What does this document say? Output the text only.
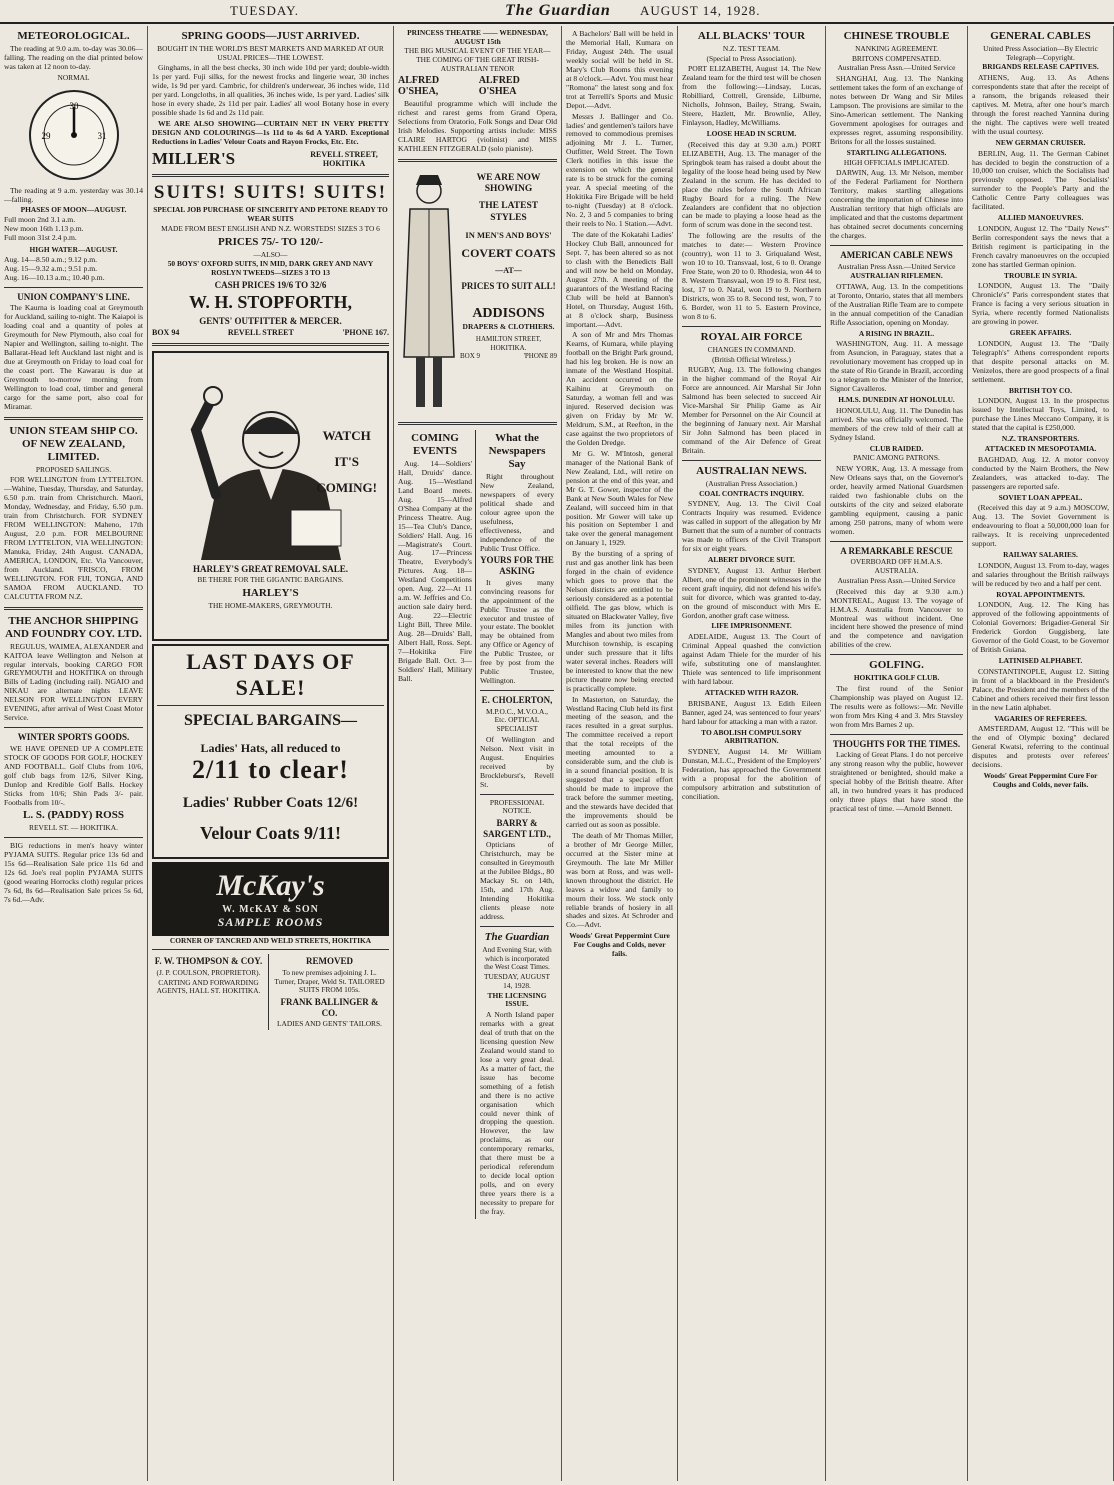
TUESDAY.	The Guardian AUGUST 14, 1928.
METEOROLOGICAL.

The reading at 9.0 a.m. to-day was 30.06—falling. The reading on the dial printed below was taken at 12 noon to-day.

NORMAL
30
29	31

The reading at 9 a.m. yesterday was 30.14—falling.

PHASES OF MOON—AUGUST.
Full moon 2nd 3.1 a.m.
New moon 16th 1.13 p.m.
Full moon 31st 2.4 p.m.
HIGH WATER—AUGUST.
Aug. 14—8.50 a.m.; 9.12 p.m.
Aug. 15—9.32 a.m.; 9.51 p.m.
Aug. 16—10.13 a.m.; 10.40 p.m.
UNION COMPANY'S LINE.

The Kaurna is loading coal at Greymouth for Auckland, sailing to-night. The Kaiapoi is loading coal and a quantity of poles at Greymouth for New Plymouth, also coal for Napier and Wellington, sailing to-night. The Ballarat-Head left Auckland last night and is due at Greymouth on Friday to load coal for the coast port. The Kawarau is due at Greymouth to-morrow morning from Wellington to load coal, timber and general cargo for the same port, also coal for Miramar.

UNION STEAM SHIP CO. OF NEW ZEALAND, LIMITED.
PROPOSED SAILINGS.

FOR WELLINGTON from LYTTELTON.—Wahine, Tuesday, Thursday, and Saturday, 6.50 p.m. train from Christchurch. Maori, Monday, Wednesday, and Friday, 6.50 p.m. train from Christchurch. FOR SYDNEY FROM WELLINGTON: Maheno, 17th August, 2.0 p.m. FOR MELBOURNE FROM LYTTELTON, VIA WELLINGTON: Manuka, Friday, 24th August. CANADA, AMERICA, LONDON, Etc. Via Vancouver, from Auckland. 'FRISCO, FROM WELLINGTON. FOR FIJI, TONGA, AND SAMOA FROM AUCKLAND. TO CALCUTTA FROM N.Z.

THE ANCHOR SHIPPING AND FOUNDRY COY. LTD.

REGULUS, WAIMEA, ALEXANDER and KAITOA leave Wellington and Nelson at regular intervals, booking CARGO FOR GREYMOUTH and HOKITIKA on through Bills of Lading (including rail). NGAIO and NIKAU are alternate nights LEAVE NELSON FOR WELLINGTON EVERY EVENING, after arrival of West Coast Motor Service.

WINTER SPORTS GOODS.

WE HAVE OPENED UP A COMPLETE STOCK OF GOODS FOR GOLF, HOCKEY AND FOOTBALL. Golf Clubs from 10/6, golf club bags from 12/6, Silver King, Dunlop and Kredible Golf Balls. Hockey Sticks from 10/6; Shin Pads 3/- pair. Footballs from 10/-.

L. S. (PADDY) ROSS
REVELL ST. — HOKITIKA.

BIG reductions in men's heavy winter PYJAMA SUITS. Regular price 13s 6d and 15s 6d—Realisation Sale price 11s 6d and 12s 6d. Joe's real poplin PYJAMA SUITS (good wearing Horrocks cloth) regular prices 7s 6d, 8s 6d—Realisation Sale prices 5s 6d, 7s 6d.—Adv.

SPRING GOODS—JUST ARRIVED.
BOUGHT IN THE WORLD'S BEST MARKETS AND MARKED AT OUR USUAL PRICES—THE LOWEST.

Ginghams, in all the best checks, 30 inch wide 10d per yard; double-width 1s per yard. Fuji silks, for the newest frocks and lingerie wear, 30 inches wide, 1s 9d per yard. Cambric, for children's underwear, 36 inches wide, 11d per yard. Longcloths, in all qualities, 36 inches wide, 1s per yard. Ladies' silk hose in every shade, 2s 11d per pair. Ladies' all wool Botany hose in every possible shade 1s 6d and 2s 11d pair.

WE ARE ALSO SHOWING—CURTAIN NET IN VERY PRETTY DESIGN AND COLOURINGS—1s 11d to 4s 6d A YARD. Exceptional Reductions in Ladies' Velour Coats and Rayon Frocks, Etc. Etc.

MILLER'S	REVELL STREET, HOKITIKA
SUITS! SUITS! SUITS!
SPECIAL JOB PURCHASE OF SINCERITY AND PETONE READY TO WEAR SUITS
MADE FROM BEST ENGLISH AND N.Z. WORSTEDS! SIZES 3 TO 6
PRICES 75/- TO 120/-
—ALSO—
50 BOYS' OXFORD SUITS, IN MID, DARK GREY AND NAVY ROSLYN TWEEDS—SIZES 3 TO 13
CASH PRICES 19/6 TO 32/6
W. H. STOPFORTH,
GENTS' OUTFITTER & MERCER.
BOX 94	REVELL STREET	'PHONE 167.
WATCH
IT'S
COMING!
HARLEY'S GREAT REMOVAL SALE.
BE THERE FOR THE GIGANTIC BARGAINS.
HARLEY'S
THE HOME-MAKERS, GREYMOUTH.
LAST DAYS OF SALE!
SPECIAL BARGAINS—
Ladies' Hats, all reduced to
2/11 to clear!
Ladies' Rubber Coats 12/6!
Velour Coats 9/11!
McKay's
W. McKAY & SON
SAMPLE ROOMS
CORNER OF TANCRED AND WELD STREETS, HOKITIKA
F. W. THOMPSON & COY.
(J. P. COULSON, PROPRIETOR).
CARTING AND FORWARDING AGENTS, HALL ST. HOKITIKA.
REMOVED
To new premises adjoining J. L. Turner, Draper, Weld St. TAILORED SUITS FROM 105s.
FRANK BALLINGER & CO.
LADIES AND GENTS' TAILORS.
PRINCESS THEATRE —— WEDNESDAY, AUGUST 15th
THE BIG MUSICAL EVENT OF THE YEAR—THE COMING OF THE GREAT IRISH-AUSTRALIAN TENOR
ALFRED O'SHEA,
ALFRED O'SHEA

Beautiful programme which will include the richest and rarest gems from Grand Opera, Selections from Oratorio, Folk Songs and Dear Old Irish Melodies. Supporting artists include: MISS CLAIRE HARTOG (violinist) and MISS KATHLEEN FITZGERALD (solo pianiste).

WE ARE NOW SHOWING
THE LATEST STYLES
IN MEN'S AND BOYS'
COVERT COATS
—AT—
PRICES TO SUIT ALL!
ADDISONS
DRAPERS & CLOTHIERS.
HAMILTON STREET, HOKITIKA.
BOX 9	'PHONE 89
COMING EVENTS

Aug. 14—Soldiers' Hall, Druids' dance. Aug. 15—Westland Land Board meets. Aug. 15—Alfred O'Shea Company at the Princess Theatre. Aug. 15—Tea Club's Dance, Soldiers' Hall. Aug. 16—Magistrate's Court. Aug. 17—Princess Theatre, Everybody's Pictures. Aug. 18—Westland Competitions open. Aug. 22—At 11 a.m. W. Jeffries and Co. auction sale dairy herd. Aug. 22—Electric Light Bill, Three Mile. Aug. 28—Druids' Ball, Albert Hall, Ross. Sept. 7—Hokitika Fire Brigade Ball. Oct. 3—Soldiers' Hall, Military Ball.

What the Newspapers Say

Right throughout New Zealand, newspapers of every political shade and colour agree upon the usefulness, effectiveness, and independence of the Public Trust Office.

YOURS FOR THE ASKING

It gives many convincing reasons for the appointment of the Public Trustee as the executor and trustee of your estate. The booklet may be obtained from any Office or Agency of the Public Trustee, or free by post from the Public Trustee, Wellington.

E. CHOLERTON,
M.P.O.C., M.V.O.A., Etc. OPTICAL SPECIALIST

Of Wellington and Nelson. Next visit in August. Enquiries received by Brockleburst's, Revell St.

PROFESSIONAL NOTICE.
BARRY & SARGENT LTD.,

Opticians of Christchurch, may be consulted in Greymouth at the Jubilee Bldgs., 80 Mackay St. on 14th, 15th, and 17th Aug. Intending Hokitika clients please note address.

The Guardian
And Evening Star, with which is incorporated the West Coast Times.
TUESDAY, AUGUST 14, 1928.
THE LICENSING ISSUE.

A North Island paper remarks with a great deal of truth that on the licensing question New Zealand would stand to lose a very great deal. As a matter of fact, the issue has become something of a fetish and there is no active organisation which could never think of dropping the question. However, the law proclaims, as our contemporary remarks, that there must be a periodical referendum to decide local option polls, and on every three years there is a necessity to prepare for the fray.

A Bachelors' Ball will be held in the Memorial Hall, Kumara on Friday, August 24th. The usual weekly social will be held in St. Mary's Club Rooms this evening at 8 o'clock.—Advt. You must hear "Romona" the latest song and fox trot at Terrelli's Sports and Music Depot.—Advt.

Messrs J. Ballinger and Co. ladies' and gentlemen's tailors have removed to commodious premises adjoining Mr J. L. Turner, Outfitter, Weld Street. The Town Clerk notifies in this issue the extension on which the general rate is to be struck for the coming year. A special meeting of the Hokitika Fire Brigade will be held to-night (Tuesday) at 8 o'clock. No. 2, 3 and 5 companies to bring their reels to No. 1 Station.—Advt.

The date of the Kokatahi Ladies' Hockey Club Ball, announced for Sept. 7, has been altered so as not to clash with the Benedicts Ball and will now be held on Monday, August 27th. A meeting of the guarantors of the Westland Racing Club will be held at Bannon's Hotel, on Thursday, August 16th, at 8 o'clock sharp, Business important.—Advt.

A son of Mr and Mrs Thomas Kearns, of Kumara, while playing football on the Bright Park ground, had his leg broken. He is now an inmate of the Westland Hospital. An accident occurred on the Kaihinu at Greymouth on Saturday, a woman fell and was injured. Reserved decision was given on Friday by Mr W. Meldrum, S.M., at Reefton, in the case against the two proprietors of the Golden Dredge.

Mr G. W. M'Intosh, general manager of the National Bank of New Zealand, Ltd., will retire on pension at the end of this year, and Mr G. T. Gower, inspector of the Bank at New South Wales for New Zealand, will succeed him in that position. Mr Gower will take up his position on September 1 and take over the general management on January 1, 1929.

By the bursting of a spring of rust and gas another link has been forged in the chain of evidence which goes to prove that the Nelson districts are entitled to be seriously considered as a potential oilfield. The gas blow, which is situated on Blackwater Valley, five miles from its junction with Mangles and about two miles from Murchison township, is escaping under such pressure that it lifts water several inches. Readers will be interested to know that the new picture theatre now being erected is practically complete.

In Masterton, on Saturday, the Westland Racing Club held its first meeting of the season, and the races resulted in a great surplus. The committee received a report that the total receipts of the meeting amounted to a considerable sum, and the club is in a sound financial position. It is suggested that a special effort should be made to improve the track before the summer meeting, and the stewards have decided that the improvements should be carried out as soon as possible.

The death of Mr Thomas Miller, a brother of Mr George Miller, occurred at the Sister mine at Greymouth. The late Mr Miller was born at Ross, and was well-known throughout the district. He leaves a widow and family to mourn their loss. We stock only reliable brands of hosiery in all shades and sizes. At Schroder and Co.—Advt.

Woods' Great Peppermint Cure For Coughs and Colds, never fails.
ALL BLACKS' TOUR
N.Z. TEST TEAM.
(Special to Press Association).

PORT ELIZABETH, August 14. The New Zealand team for the third test will be chosen from the following:—Lindsay, Lucas, Robilliard, Cottrell, Grenside, Lilburne, Nicholls, Johnson, Bailey, Strang, Swain, Steere, Hazlett, Mr. Brownlie, Alley, Finlayson, Hadley, McWilliams.

LOOSE HEAD IN SCRUM.

(Received this day at 9.30 a.m.) PORT ELIZABETH, Aug. 13. The manager of the Springbok team has raised a doubt about the legality of the loose head being used by New Zealand in the scrum. He has decided to place the rules before the South African Rugby Board for a ruling. The New Zealanders are confident that no objection can be made to playing a loose head as the form of scrum was done in the second test.

The following are the results of the matches to date:— Western Province (country), won 11 to 3. Griqualand West, won 10 to 10. Transvaal, lost, 6 to 0. Orange Free State, won 20 to 0. Rhodesia, won 44 to 8. Western Transvaal, won 19 to 8. First test, lost, 17 to 0. Natal, won 19 to 9. Northern Districts, won 35 to 8. Second test, won, 7 to 6. Border, won 11 to 5. Eastern Province, won 8 to 6.

ROYAL AIR FORCE
CHANGES IN COMMAND.
(British Official Wireless.)

RUGBY, Aug. 13. The following changes in the higher command of the Royal Air Force are announced. Air Marshal Sir John Salmond has been selected to succeed Air Vice-Marshal Sir Philip Game as Air Member for Personnel on the Air Council at the beginning of January next. Air Marshal Sir John Salmond has been placed in command of the Air Defence of Great Britain.

AUSTRALIAN NEWS.
(Australian Press Association.)
COAL CONTRACTS INQUIRY.

SYDNEY, Aug. 13. The Civil Coal Contracts Inquiry was resumed. Evidence was called in support of the allegation by Mr Burnett that the sum of a number of contracts was made to officers of the Civil Transport for six or eight years.

ALBERT DIVORCE SUIT.

SYDNEY, August 13. Arthur Herbert Albert, one of the prominent witnesses in the recent graft inquiry, did not defend his wife's suit for divorce, which was granted to-day, on the ground of misconduct with Mrs E. Gordon, another graft case witness.

LIFE IMPRISONMENT.

ADELAIDE, August 13. The Court of Criminal Appeal quashed the conviction against Adam Thiele for the murder of his wife, substituting one of manslaughter. Thiele was sentenced to life imprisonment with hard labour.

ATTACKED WITH RAZOR.

BRISBANE, August 13. Edith Eileen Banner, aged 24, was sentenced to four years' hard labour for attacking a man with a razor.

TO ABOLISH COMPULSORY ARBITRATION.

SYDNEY, August 14. Mr William Dunstan, M.L.C., President of the Employers' Federation, has approached the Government with a proposal for the abolition of compulsory arbitration and substitution of conciliation.

CHINESE TROUBLE
NANKING AGREEMENT.
BRITONS COMPENSATED.
Australian Press Assn.—United Service

SHANGHAI, Aug. 13. The Nanking settlement takes the form of an exchange of notes between Dr Wang and Sir Miles Lampson. The provisions are similar to the Sino-American settlement. The Nanking Government apologises for outrages and expresses regret, assuming responsibility. Britons for all the losses sustained.

STARTLING ALLEGATIONS.
HIGH OFFICIALS IMPLICATED.

DARWIN, Aug. 13. Mr Nelson, member of the Federal Parliament for Northern Territory, makes startling allegations concerning the importation of Chinese into Australian territory that high officials are implicated and that the customs department has obtained secret documents concerning the charges.

AMERICAN CABLE NEWS
Australian Press Assn.—United Service
AUSTRALIAN RIFLEMEN.

OTTAWA, Aug. 13. In the competitions at Toronto, Ontario, states that all members of the Australian Rifle Team are to compete in the annual competition of the Canadian Rifle Association, opening on Monday.

A RISING IN BRAZIL.

WASHINGTON, Aug. 11. A message from Asuncion, in Paraguay, states that a revolutionary movement has cropped up in the state of Rio Grande in Brazil, according to a telegram to the Minister of the Interior, Signor Cavalleros.

H.M.S. DUNEDIN AT HONOLULU.

HONOLULU, Aug. 11. The Dunedin has arrived. She was officially welcomed. The members of the crew told of their call at Sydney Island.

CLUB RAIDED.
PANIC AMONG PATRONS.

NEW YORK, Aug. 13. A message from New Orleans says that, on the Governor's order, heavily armed National Guardsmen raided two fashionable clubs on the outskirts of the city and seized elaborate gambling equipment, causing a panic among 250 patrons, many of whom were women.

A REMARKABLE RESCUE
OVERBOARD OFF H.M.A.S. AUSTRALIA.
Australian Press Assn.—United Service

(Received this day at 9.30 a.m.) MONTREAL, August 13. The voyage of H.M.A.S. Australia from Vancouver to Montreal was without incident. One incident here showed the presence of mind and the competence and navigation abilities of the crew.

GOLFING.
HOKITIKA GOLF CLUB.

The first round of the Senior Championship was played on August 12. The results were as follows:—Mr. Neville won from Mrs King 4 and 3. Mrs Stavsley won from Mrs Barnes 2 up.

THOUGHTS FOR THE TIMES.

Lacking of Great Plans. I do not perceive any strong reason why the public, however straightened or benighted, should make a special hobby of the British theatre. After all, in two hundred years it has produced only three plays that have stood the practical test of time. —Arnold Bennett.

GENERAL CABLES
United Press Association—By Electric Telegraph—Copyright.
BRIGANDS RELEASE CAPTIVES.

ATHENS, Aug. 13. As Athens correspondents state that after the receipt of a ransom, the brigands released their captives. M. Metra, after one hour's march through the forest reached Yannina during the night. The captives were well treated with the usual courtesy.

NEW GERMAN CRUISER.

BERLIN, Aug. 11. The German Cabinet has decided to begin the construction of a 10,000 ton cruiser, which the Socialists had previously opposed. The Socialists' surrender to the People's Party and the Catholic Centre Party colleagues was facilitated.

ALLIED MANOEUVRES.

LONDON, August 12. The "Daily News'" Berlin correspondent says the news that a British regiment is participating in the French cavalry manoeuvres on the occupied zone has startled German opinion.

TROUBLE IN SYRIA.

LONDON, August 13. The "Daily Chronicle's" Paris correspondent states that France is facing a very serious situation in Syria, where recently formed Nationalists are growing in power.

GREEK AFFAIRS.

LONDON, August 13. The "Daily Telegraph's" Athens correspondent reports that despite personal attacks on M. Venizelos, there are good prospects of a final settlement.

BRITISH TOY CO.

LONDON, August 13. In the prospectus issued by Intellectual Toys, Limited, to purchase the Lines Meccano Company, it is stated that the capital is £250,000.

N.Z. TRANSPORTERS.
ATTACKED IN MESOPOTAMIA.

BAGHDAD, Aug. 12. A motor convoy conducted by the Nairn Brothers, the New Zealanders, was attacked to-day. The passengers are reported safe.

SOVIET LOAN APPEAL.

(Received this day at 9 a.m.) MOSCOW, Aug. 13. The Soviet Government is endeavouring to float a 50,000,000 loan for railways. It is receiving unprecedented support.

RAILWAY SALARIES.

LONDON, August 13. From to-day, wages and salaries throughout the British railways will be reduced by two and a half per cent.

ROYAL APPOINTMENTS.

LONDON, Aug. 12. The King has approved of the following appointments of Colonial Governors: Brigadier-General Sir Frederick Gordon Guggisberg, late Governor of the Gold Coast, to be Governor of British Guiana.

LATINISED ALPHABET.

CONSTANTINOPLE, August 12. Sitting in front of a blackboard in the President's Palace, the President and the members of the Cabinet and others received their first lesson in the new Latin alphabet.

VAGARIES OF REFEREES.

AMSTERDAM, August 12. "This will be the end of Olympic boxing" declared General Kwatsi, referring to the continual disputes and protests over referees' decisions.

Woods' Great Peppermint Cure For Coughs and Colds, never fails.
